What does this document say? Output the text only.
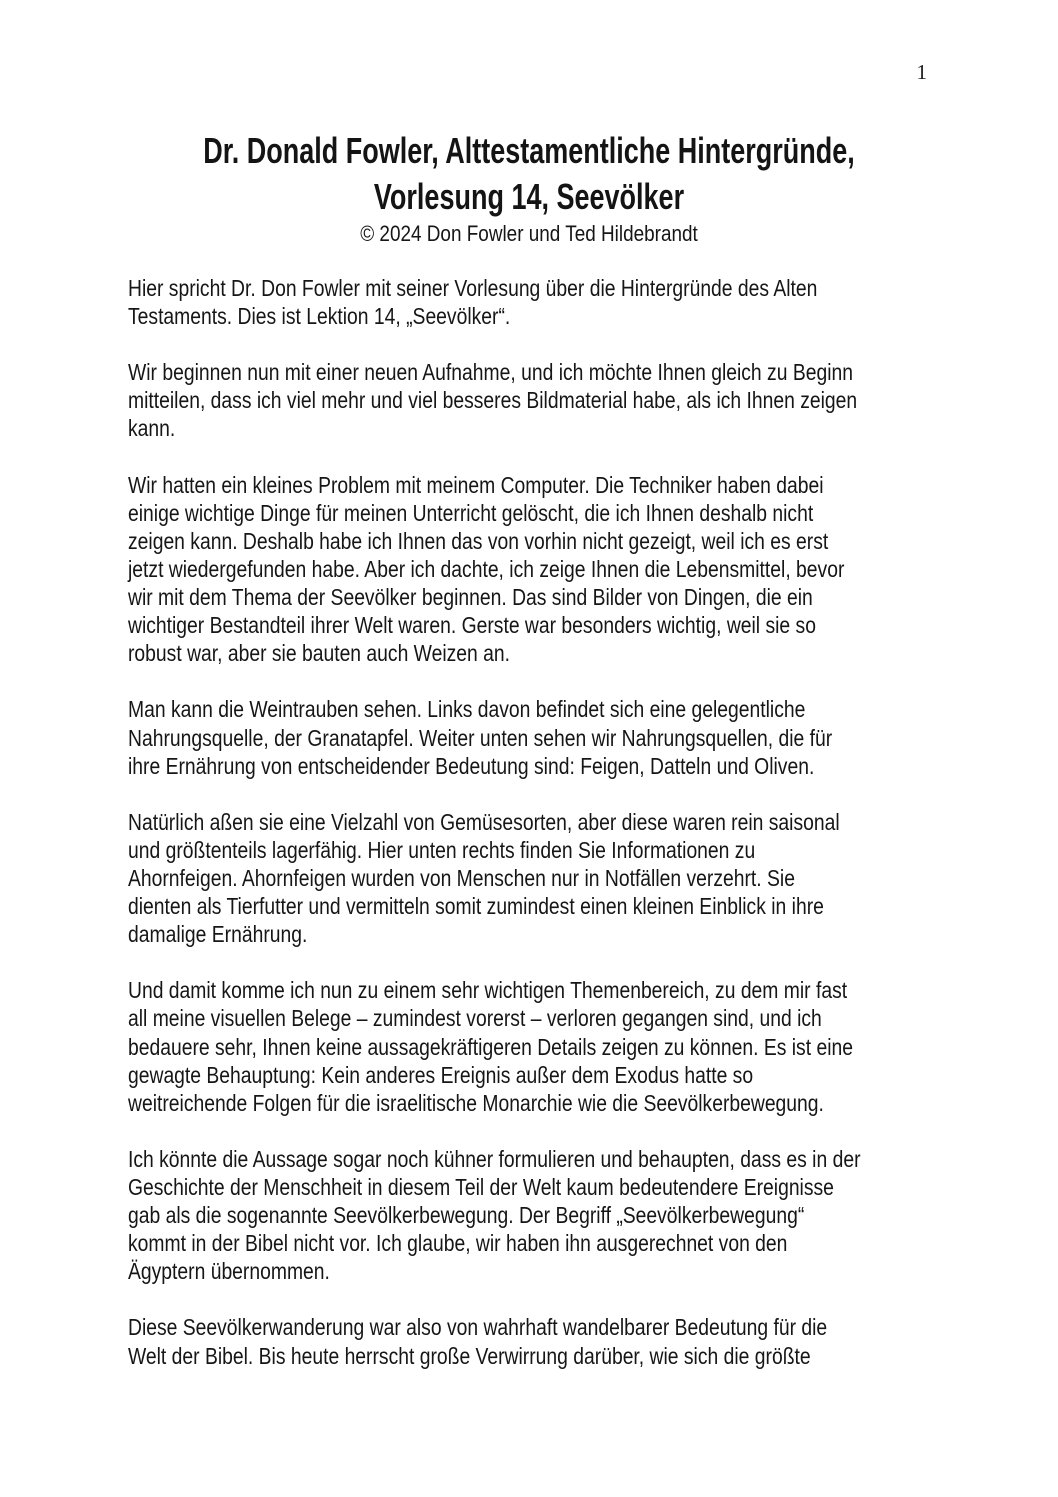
1
Dr. Donald Fowler, Alttestamentliche Hintergründe,
Vorlesung 14, Seevölker
© 2024 Don Fowler und Ted Hildebrandt
Hier spricht Dr. Don Fowler mit seiner Vorlesung über die Hintergründe des Alten
Testaments. Dies ist Lektion 14, „Seevölker“.
Wir beginnen nun mit einer neuen Aufnahme, und ich möchte Ihnen gleich zu Beginn
mitteilen, dass ich viel mehr und viel besseres Bildmaterial habe, als ich Ihnen zeigen
kann.
Wir hatten ein kleines Problem mit meinem Computer. Die Techniker haben dabei
einige wichtige Dinge für meinen Unterricht gelöscht, die ich Ihnen deshalb nicht
zeigen kann. Deshalb habe ich Ihnen das von vorhin nicht gezeigt, weil ich es erst
jetzt wiedergefunden habe. Aber ich dachte, ich zeige Ihnen die Lebensmittel, bevor
wir mit dem Thema der Seevölker beginnen. Das sind Bilder von Dingen, die ein
wichtiger Bestandteil ihrer Welt waren. Gerste war besonders wichtig, weil sie so
robust war, aber sie bauten auch Weizen an.
Man kann die Weintrauben sehen. Links davon befindet sich eine gelegentliche
Nahrungsquelle, der Granatapfel. Weiter unten sehen wir Nahrungsquellen, die für
ihre Ernährung von entscheidender Bedeutung sind: Feigen, Datteln und Oliven.
Natürlich aßen sie eine Vielzahl von Gemüsesorten, aber diese waren rein saisonal
und größtenteils lagerfähig. Hier unten rechts finden Sie Informationen zu
Ahornfeigen. Ahornfeigen wurden von Menschen nur in Notfällen verzehrt. Sie
dienten als Tierfutter und vermitteln somit zumindest einen kleinen Einblick in ihre
damalige Ernährung.
Und damit komme ich nun zu einem sehr wichtigen Themenbereich, zu dem mir fast
all meine visuellen Belege – zumindest vorerst – verloren gegangen sind, und ich
bedauere sehr, Ihnen keine aussagekräftigeren Details zeigen zu können. Es ist eine
gewagte Behauptung: Kein anderes Ereignis außer dem Exodus hatte so
weitreichende Folgen für die israelitische Monarchie wie die Seevölkerbewegung.
Ich könnte die Aussage sogar noch kühner formulieren und behaupten, dass es in der
Geschichte der Menschheit in diesem Teil der Welt kaum bedeutendere Ereignisse
gab als die sogenannte Seevölkerbewegung. Der Begriff „Seevölkerbewegung“
kommt in der Bibel nicht vor. Ich glaube, wir haben ihn ausgerechnet von den
Ägyptern übernommen.
Diese Seevölkerwanderung war also von wahrhaft wandelbarer Bedeutung für die
Welt der Bibel. Bis heute herrscht große Verwirrung darüber, wie sich die größte
